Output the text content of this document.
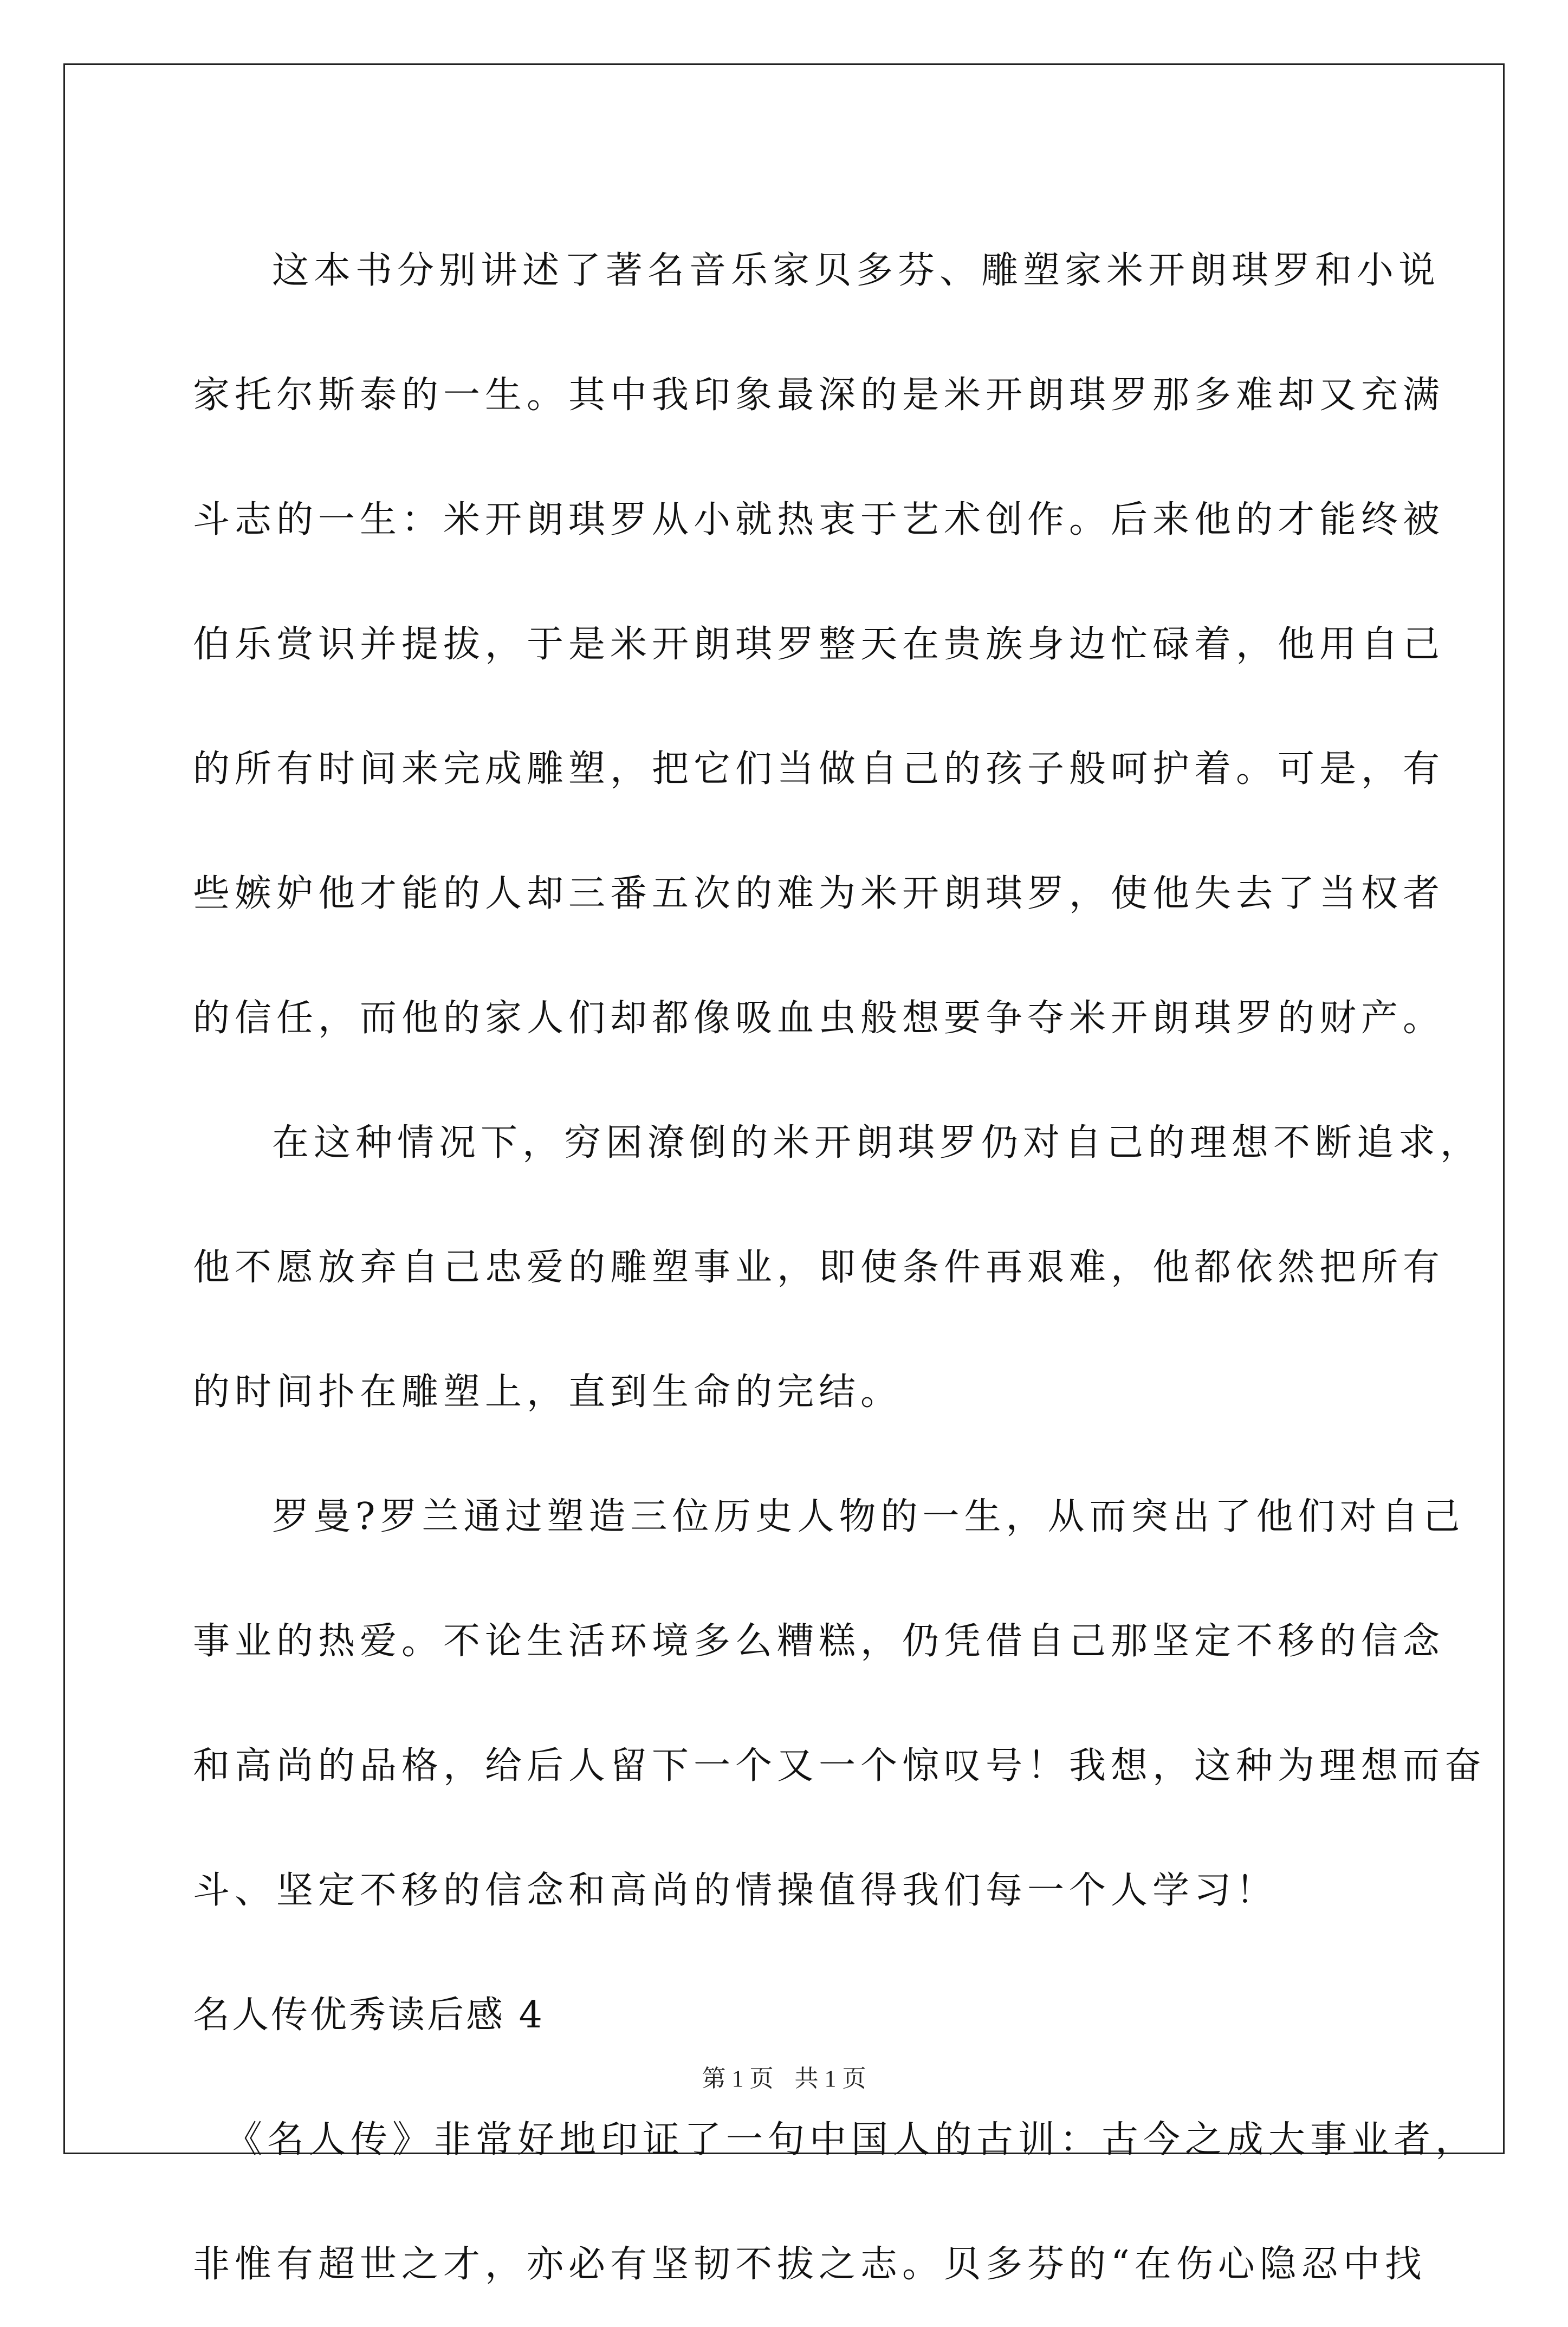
这本书分别讲述了著名音乐家贝多芬、雕塑家米开朗琪罗和小说
家托尔斯泰的一生。其中我印象最深的是米开朗琪罗那多难却又充满
斗志的一生：米开朗琪罗从小就热衷于艺术创作。后来他的才能终被
伯乐赏识并提拔，于是米开朗琪罗整天在贵族身边忙碌着，他用自己
的所有时间来完成雕塑，把它们当做自己的孩子般呵护着。可是，有
些嫉妒他才能的人却三番五次的难为米开朗琪罗，使他失去了当权者
的信任，而他的家人们却都像吸血虫般想要争夺米开朗琪罗的财产。

在这种情况下，穷困潦倒的米开朗琪罗仍对自己的理想不断追求，
他不愿放弃自己忠爱的雕塑事业，即使条件再艰难，他都依然把所有
的时间扑在雕塑上，直到生命的完结。

罗曼?罗兰通过塑造三位历史人物的一生，从而突出了他们对自己
事业的热爱。不论生活环境多么糟糕，仍凭借自己那坚定不移的信念
和高尚的品格，给后人留下一个又一个惊叹号！我想，这种为理想而奋
斗、坚定不移的信念和高尚的情操值得我们每一个人学习！

名人传优秀读后感 4

《名人传》非常好地印证了一句中国人的古训：古今之成大事业者，
非惟有超世之才，亦必有坚韧不拔之志。贝多芬的“在伤心隐忍中找

第 1 页 共 1 页
